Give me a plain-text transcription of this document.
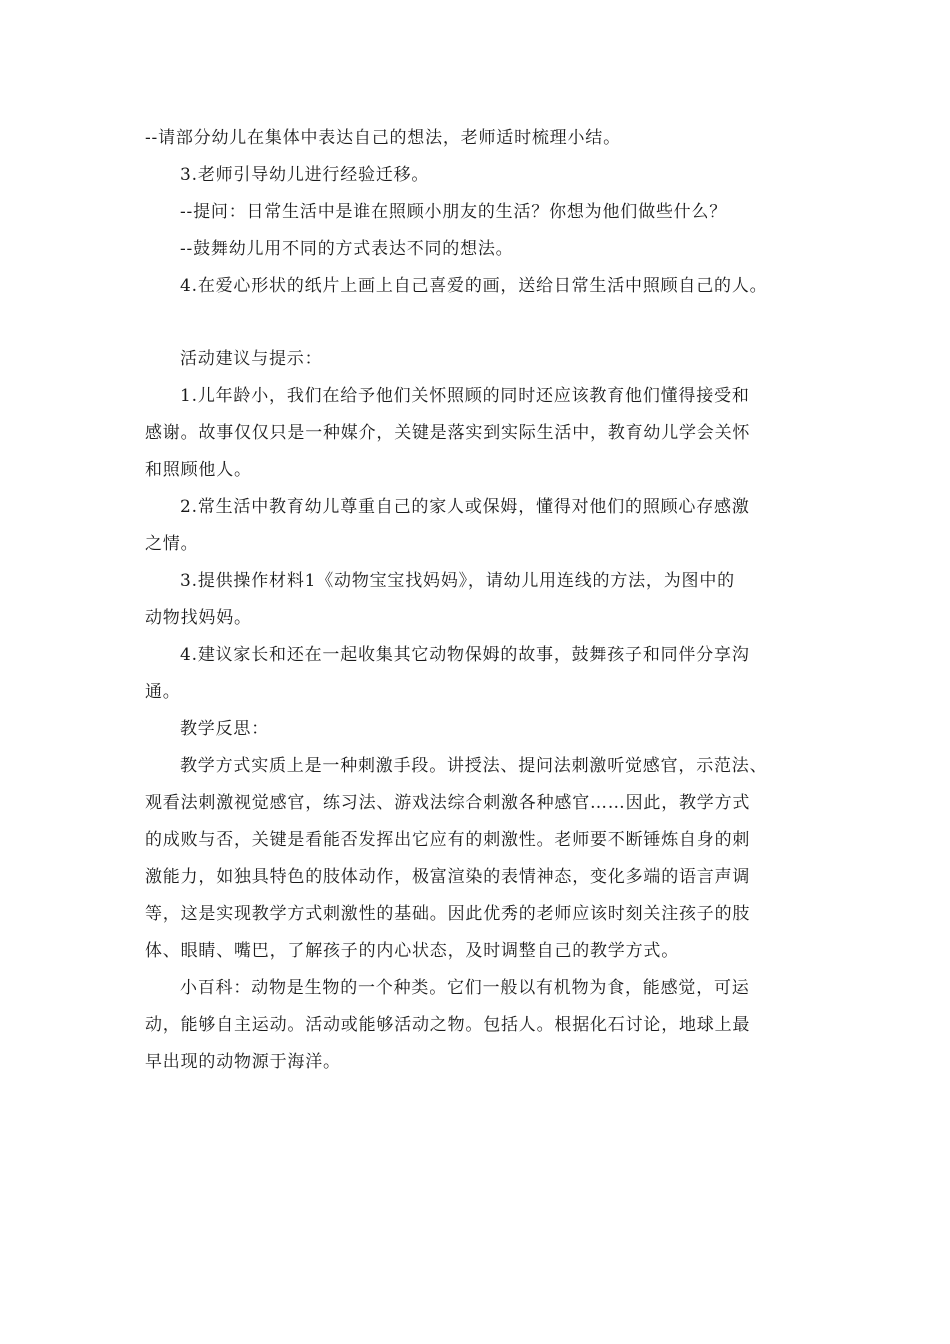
--请部分幼儿在集体中表达自己的想法，老师适时梳理小结。
3.老师引导幼儿进行经验迁移。
--提问：日常生活中是谁在照顾小朋友的生活？你想为他们做些什么？
--鼓舞幼儿用不同的方式表达不同的想法。
4.在爱心形状的纸片上画上自己喜爱的画，送给日常生活中照顾自己的人。
活动建议与提示：
1.儿年龄小，我们在给予他们关怀照顾的同时还应该教育他们懂得接受和
感谢。故事仅仅只是一种媒介，关键是落实到实际生活中，教育幼儿学会关怀
和照顾他人。
2.常生活中教育幼儿尊重自己的家人或保姆，懂得对他们的照顾心存感激
之情。
3.提供操作材料1《动物宝宝找妈妈》，请幼儿用连线的方法，为图中的
动物找妈妈。
4.建议家长和还在一起收集其它动物保姆的故事，鼓舞孩子和同伴分享沟
通。
教学反思：
教学方式实质上是一种刺激手段。讲授法、提问法刺激听觉感官，示范法、
观看法刺激视觉感官，练习法、游戏法综合刺激各种感官……因此，教学方式
的成败与否，关键是看能否发挥出它应有的刺激性。老师要不断锤炼自身的刺
激能力，如独具特色的肢体动作，极富渲染的表情神态，变化多端的语言声调
等，这是实现教学方式刺激性的基础。因此优秀的老师应该时刻关注孩子的肢
体、眼睛、嘴巴，了解孩子的内心状态，及时调整自己的教学方式。
小百科：动物是生物的一个种类。它们一般以有机物为食，能感觉，可运
动，能够自主运动。活动或能够活动之物。包括人。根据化石讨论，地球上最
早出现的动物源于海洋。
